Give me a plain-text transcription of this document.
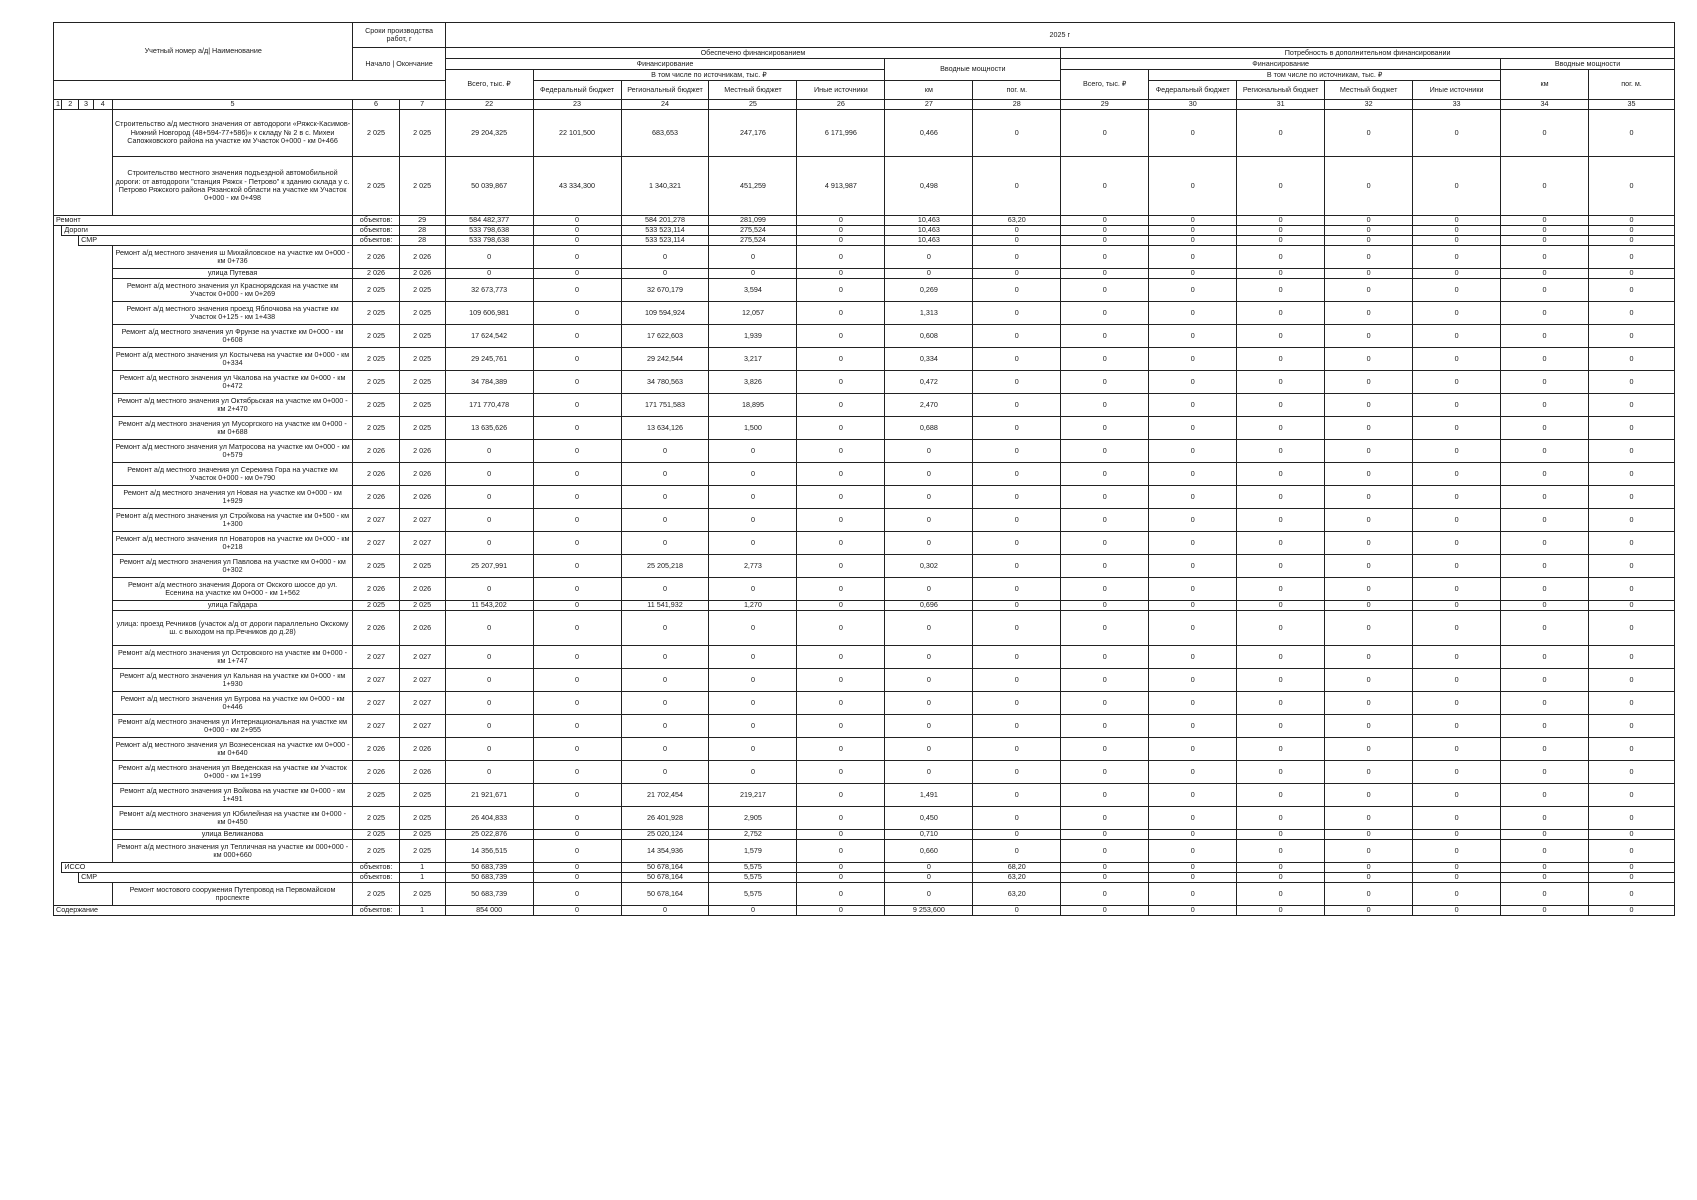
Учетный номер а/д| Наименование					Сроки производства работ, г		2025 г													
					Начало | Окончание		Обеспечено финансированием							Потребность в дополнительном финансировании						
							Финансирование					Вводные мощности		Финансирование					Вводные мощности	
							Всего, тыс. ₽	В том числе по источникам, тыс. ₽						Всего, тыс. ₽	В том числе по источникам, тыс. ₽				км	пог. м.
								Федеральный бюджет	Региональный бюджет	Местный бюджет	Иные источники	км	пог. м.		Федеральный бюджет	Региональный бюджет	Местный бюджет	Иные источники		
1	2	3	4	5	6	7	22	23	24	25	26	27	28	29	30	31	32	33	34	35
				Строительство а/д местного значения от автодороги «Ряжск-Касимов-Нижний Новгород (48+594-77+586)» к складу № 2 в с. Михеи Сапожковского района на участке км Участок 0+000 - км 0+466	2 025	2 025	29 204,325	22 101,500	683,653	247,176	6 171,996	0,466	0	0	0	0	0	0	0	0
				Строительство местного значения подъездной автомобильной дороги: от автодороги "станция Ряжск - Петрово" к зданию склада у с. Петрово Ряжского района Рязанской области на участке км Участок 0+000 - км 0+498	2 025	2 025	50 039,867	43 334,300	1 340,321	451,259	4 913,987	0,498	0	0	0	0	0	0	0	0
Ремонт					объектов:	29	584 482,377	0	584 201,278	281,099	0	10,463	63,20	0	0	0	0	0	0	0
	Дороги				объектов:	28	533 798,638	0	533 523,114	275,524	0	10,463	0	0	0	0	0	0	0	0
		СМР			объектов:	28	533 798,638	0	533 523,114	275,524	0	10,463	0	0	0	0	0	0	0	0
				Ремонт а/д местного значения ш Михайловское на участке км 0+000 - км 0+736	2 026	2 026	0	0	0	0	0	0	0	0	0	0	0	0	0	0
				улица Путевая	2 026	2 026	0	0	0	0	0	0	0	0	0	0	0	0	0	0
				Ремонт а/д местного значения ул Краснорядская на участке км Участок 0+000 - км 0+269	2 025	2 025	32 673,773	0	32 670,179	3,594	0	0,269	0	0	0	0	0	0	0	0
				Ремонт а/д местного значения проезд Яблочкова на участке км Участок 0+125 - км 1+438	2 025	2 025	109 606,981	0	109 594,924	12,057	0	1,313	0	0	0	0	0	0	0	0
				Ремонт а/д местного значения ул Фрунзе на участке км 0+000 - км 0+608	2 025	2 025	17 624,542	0	17 622,603	1,939	0	0,608	0	0	0	0	0	0	0	0
				Ремонт а/д местного значения ул Костычева на участке км 0+000 - км 0+334	2 025	2 025	29 245,761	0	29 242,544	3,217	0	0,334	0	0	0	0	0	0	0	0
				Ремонт а/д местного значения ул Чкалова на участке км 0+000 - км 0+472	2 025	2 025	34 784,389	0	34 780,563	3,826	0	0,472	0	0	0	0	0	0	0	0
				Ремонт а/д местного значения ул Октябрьская на участке км 0+000 - км 2+470	2 025	2 025	171 770,478	0	171 751,583	18,895	0	2,470	0	0	0	0	0	0	0	0
				Ремонт а/д местного значения ул Мусоргского на участке км 0+000 - км 0+688	2 025	2 025	13 635,626	0	13 634,126	1,500	0	0,688	0	0	0	0	0	0	0	0
				Ремонт а/д местного значения ул Матросова на участке км 0+000 - км 0+579	2 026	2 026	0	0	0	0	0	0	0	0	0	0	0	0	0	0
				Ремонт а/д местного значения ул Серекина Гора на участке км Участок 0+000 - км 0+790	2 026	2 026	0	0	0	0	0	0	0	0	0	0	0	0	0	0
				Ремонт а/д местного значения ул Новая на участке км 0+000 - км 1+929	2 026	2 026	0	0	0	0	0	0	0	0	0	0	0	0	0	0
				Ремонт а/д местного значения ул Стройкова на участке км 0+500 - км 1+300	2 027	2 027	0	0	0	0	0	0	0	0	0	0	0	0	0	0
				Ремонт а/д местного значения пл Новаторов на участке км 0+000 - км 0+218	2 027	2 027	0	0	0	0	0	0	0	0	0	0	0	0	0	0
				Ремонт а/д местного значения ул Павлова на участке км 0+000 - км 0+302	2 025	2 025	25 207,991	0	25 205,218	2,773	0	0,302	0	0	0	0	0	0	0	0
				Ремонт а/д местного значения Дорога от Окского шоссе до ул. Есенина на участке км 0+000 - км 1+562	2 026	2 026	0	0	0	0	0	0	0	0	0	0	0	0	0	0
				улица Гайдара	2 025	2 025	11 543,202	0	11 541,932	1,270	0	0,696	0	0	0	0	0	0	0	0
				улица: проезд Речников (участок а/д от дороги параллельно Окскому ш. с выходом на пр.Речников до д.28)	2 026	2 026	0	0	0	0	0	0	0	0	0	0	0	0	0	0
				Ремонт а/д местного значения ул Островского на участке км 0+000 - км 1+747	2 027	2 027	0	0	0	0	0	0	0	0	0	0	0	0	0	0
				Ремонт а/д местного значения ул Кальная на участке км 0+000 - км 1+930	2 027	2 027	0	0	0	0	0	0	0	0	0	0	0	0	0	0
				Ремонт а/д местного значения ул Бугрова на участке км 0+000 - км 0+446	2 027	2 027	0	0	0	0	0	0	0	0	0	0	0	0	0	0
				Ремонт а/д местного значения ул Интернациональная на участке км 0+000 - км 2+955	2 027	2 027	0	0	0	0	0	0	0	0	0	0	0	0	0	0
				Ремонт а/д местного значения ул Вознесенская на участке км 0+000 - км 0+640	2 026	2 026	0	0	0	0	0	0	0	0	0	0	0	0	0	0
				Ремонт а/д местного значения ул Введенская на участке км Участок 0+000 - км 1+199	2 026	2 026	0	0	0	0	0	0	0	0	0	0	0	0	0	0
				Ремонт а/д местного значения ул Войкова на участке км 0+000 - км 1+491	2 025	2 025	21 921,671	0	21 702,454	219,217	0	1,491	0	0	0	0	0	0	0	0
				Ремонт а/д местного значения ул Юбилейная на участке км 0+000 - км 0+450	2 025	2 025	26 404,833	0	26 401,928	2,905	0	0,450	0	0	0	0	0	0	0	0
				улица Великанова	2 025	2 025	25 022,876	0	25 020,124	2,752	0	0,710	0	0	0	0	0	0	0	0
				Ремонт а/д местного значения ул Тепличная на участке км 000+000 - км 000+660	2 025	2 025	14 356,515	0	14 354,936	1,579	0	0,660	0	0	0	0	0	0	0	0
	ИССО				объектов:	1	50 683,739	0	50 678,164	5,575	0	0	68,20	0	0	0	0	0	0	0
		СМР			объектов:	1	50 683,739	0	50 678,164	5,575	0	0	63,20	0	0	0	0	0	0	0
				Ремонт мостового сооружения Путепровод на Первомайском проспекте	2 025	2 025	50 683,739	0	50 678,164	5,575	0	0	63,20	0	0	0	0	0	0	0
Содержание					объектов:	1	854 000	0	0	0	0	9 253,600	0	0	0	0	0	0	0	0
